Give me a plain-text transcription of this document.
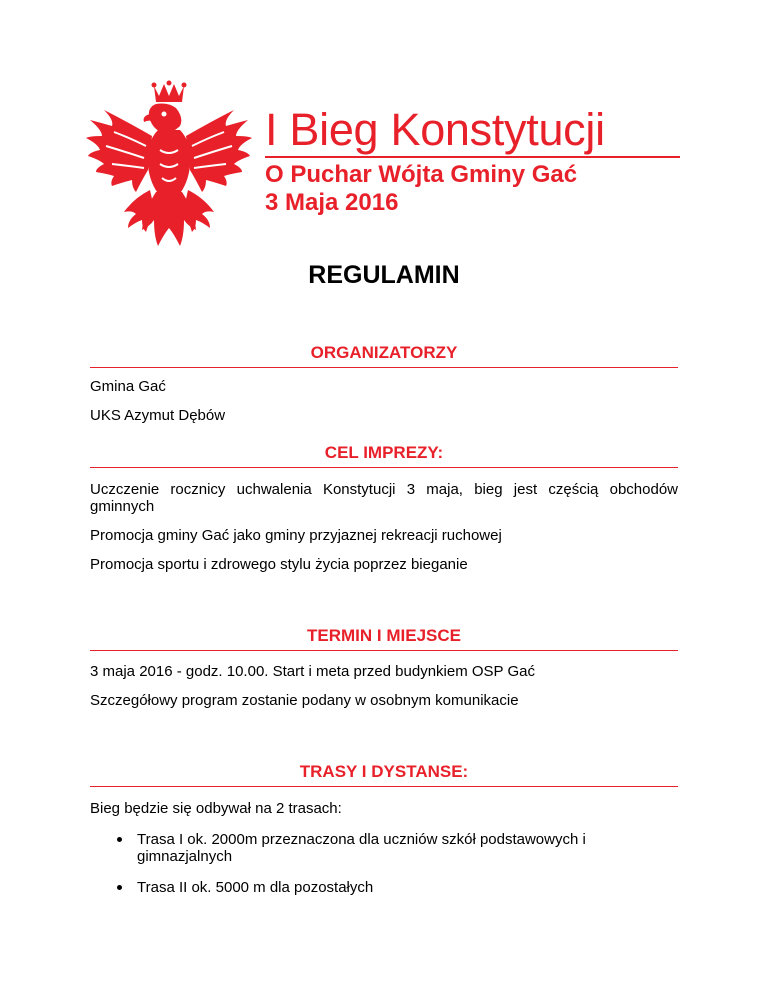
I Bieg Konstytucji
O Puchar Wójta Gminy Gać
3 Maja 2016
REGULAMIN
ORGANIZATORZY

Gmina Gać

UKS Azymut Dębów

CEL IMPREZY:

Uczczenie rocznicy uchwalenia Konstytucji 3 maja, bieg jest częścią obchodów gminnych

Promocja gminy Gać jako gminy przyjaznej rekreacji ruchowej

Promocja sportu i zdrowego stylu życia poprzez bieganie

TERMIN I MIEJSCE

3 maja 2016 - godz. 10.00. Start i meta przed budynkiem OSP Gać

Szczegółowy program zostanie podany w osobnym komunikacie

TRASY I DYSTANSE:

Bieg będzie się odbywał na 2 trasach:

Trasa I ok. 2000m przeznaczona dla uczniów szkół podstawowych i gimnazjalnych
Trasa II ok. 5000 m dla pozostałych
